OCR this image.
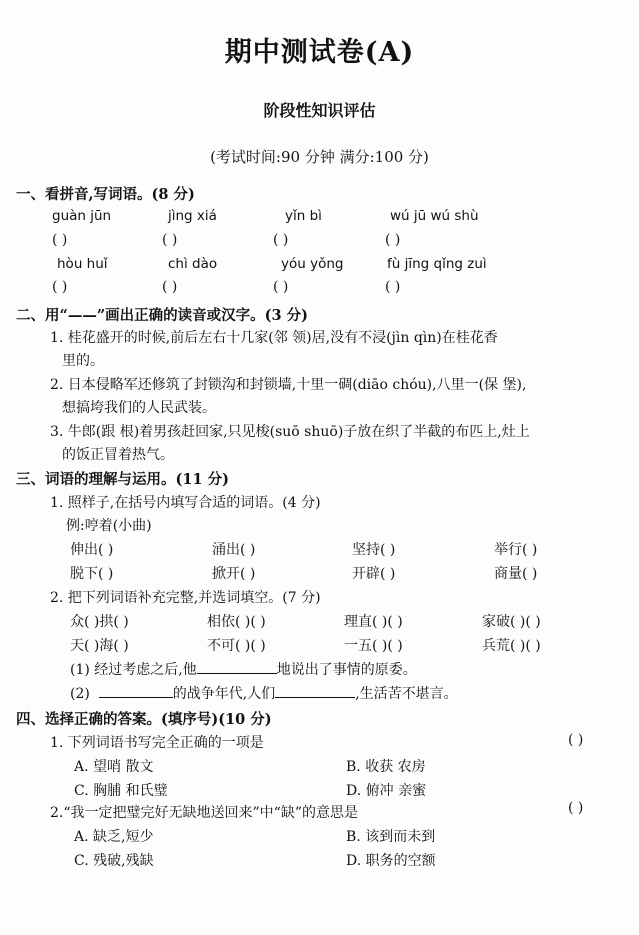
期中测试卷(A)
阶段性知识评估
(考试时间:90 分钟 满分:100 分)
一、看拼音,写词语。(8 分)
guàn jūn	jìng xiá	yǐn bì	wú jū wú shù
( )	( )	( )	( )
hòu huǐ	chì dào	yóu yǒng	fù jīng qǐng zuì
( )	( )	( )	( )
二、用“——”画出正确的读音或汉字。(3 分)
1. 桂花盛开的时候,前后左右十几家(邻 领)居,没有不浸(jìn qìn)在桂花香
里的。
2. 日本侵略军还修筑了封锁沟和封锁墙,十里一碉(diāo chóu),八里一(保 堡),
想搞垮我们的人民武装。
3. 牛郎(跟 根)着男孩赶回家,只见梭(suō shuō)子放在织了半截的布匹上,灶上
的饭正冒着热气。
三、词语的理解与运用。(11 分)
1. 照样子,在括号内填写合适的词语。(4 分)
例:哼着(小曲)
伸出( )	涌出( )	坚持( )	举行( )
脱下( )	掀开( )	开辟( )	商量( )
2. 把下列词语补充完整,并选词填空。(7 分)
众( )拱( )	相依( )( )	理直( )( )	家破( )( )
天( )海( )	不可( )( )	一五( )( )	兵荒( )( )
(1) 经过考虑之后,他	地说出了事情的原委。
(2)	的战争年代,人们	,生活苦不堪言。
四、选择正确的答案。(填序号)(10 分)
1. 下列词语书写完全正确的一项是	( )
A. 望哨 散文	B. 收获 农房
C. 胸脯 和氏璧	D. 俯冲 亲蜜
2.“我一定把璧完好无缺地送回来”中“缺”的意思是	( )
A. 缺乏,短少	B. 该到而未到
C. 残破,残缺	D. 职务的空额
